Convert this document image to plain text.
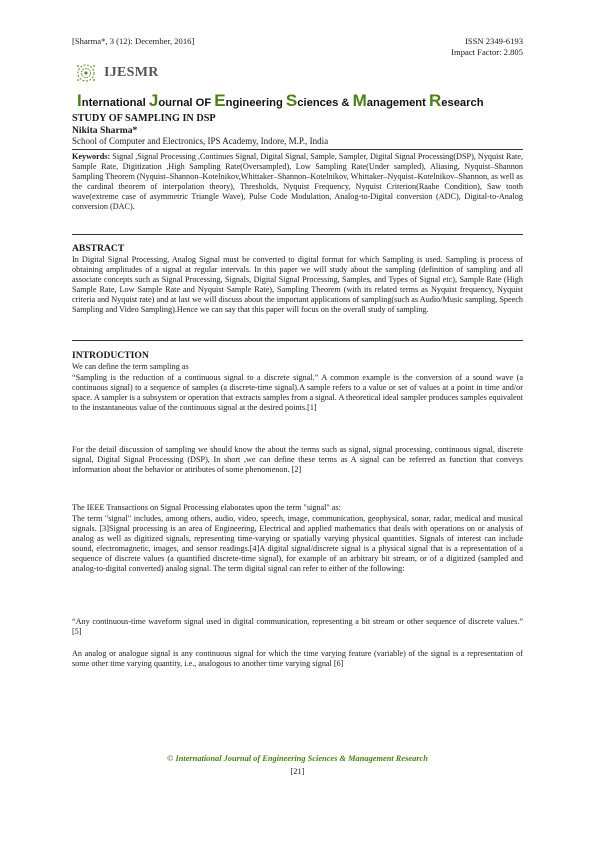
[Sharma*, 3 (12): December, 2016]	ISSN 2349-6193
Impact Factor: 2.805
IJESMR
International Journal OF Engineering Sciences & Management Research
STUDY OF SAMPLING IN DSP
Nikita Sharma*
School of Computer and Electronics, IPS Academy, Indore, M.P., India
Keywords: Signal ,Signal Processing ,Continues Signal, Digital Signal, Sample, Sampler, Digital Signal Processing(DSP), Nyquist Rate, Sample Rate, Digitization ,High Sampling Rate(Oversampled), Low Sampling Rate(Under sampled), Aliasing, Nyquist–Shannon Sampling Theorem (Nyquist–Shannon–Kotelnikov,Whittaker–Shannon–Kotelnikov, Whittaker–Nyquist–Kotelnikov–Shannon, as well as the cardinal theorem of interpolation theory), Thresholds, Nyquist Frequency, Nyquist Criterion(Raabe Condition), Saw tooth wave(extreme case of asymmetric Triangle Wave), Pulse Code Modulation, Analog-to-Digital conversion (ADC), Digital-to-Analog conversion (DAC).
ABSTRACT
In Digital Signal Processing, Analog Signal must be converted to digital format for which Sampling is used. Sampling is process of obtaining amplitudes of a signal at regular intervals. In this paper we will study about the sampling (definition of sampling and all associate concepts such as Signal Processing, Signals, Digital Signal Processing, Samples, and Types of Signal etc), Sample Rate (High Sample Rate, Low Sample Rate and Nyquist Sample Rate), Sampling Theorem (with its related terms as Nyquist frequency, Nyquist criteria and Nyquist rate) and at last we will discuss about the important applications of sampling(such as Audio/Music sampling, Speech Sampling and Video Sampling).Hence we can say that this paper will focus on the overall study of sampling.
INTRODUCTION
We can define the term sampling as
“Sampling is the reduction of a continuous signal to a discrete signal.” A common example is the conversion of a sound wave (a continuous signal) to a sequence of samples (a discrete-time signal).A sample refers to a value or set of values at a point in time and/or space. A sampler is a subsystem or operation that extracts samples from a signal. A theoretical ideal sampler produces samples equivalent to the instantaneous value of the continuous signal at the desired points.[1]
For the detail discussion of sampling we should know the about the terms such as signal, signal processing, continuous signal, discrete signal, Digital Signal Processing (DSP), In short ,we can define these terms as A signal can be referred as function that conveys information about the behavior or attributes of some phenomenon. [2]
The IEEE Transactions on Signal Processing elaborates upon the term "signal" as:
The term "signal" includes, among others, audio, video, speech, image, communication, geophysical, sonar, radar, medical and musical signals. [3]Signal processing is an area of Engineering, Electrical and applied mathematics that deals with operations on or analysis of analog as well as digitized signals, representing time-varying or spatially varying physical quantities. Signals of interest can include sound, electromagnetic, images, and sensor readings.[4]A digital signal/discrete signal is a physical signal that is a representation of a sequence of discrete values (a quantified discrete-time signal), for example of an arbitrary bit stream, or of a digitized (sampled and analog-to-digital converted) analog signal. The term digital signal can refer to either of the following:
“Any continuous-time waveform signal used in digital communication, representing a bit stream or other sequence of discrete values.” [5]
An analog or analogue signal is any continuous signal for which the time varying feature (variable) of the signal is a representation of some other time varying quantity, i.e., analogous to another time varying signal [6]
© International Journal of Engineering Sciences & Management Research
[21]
